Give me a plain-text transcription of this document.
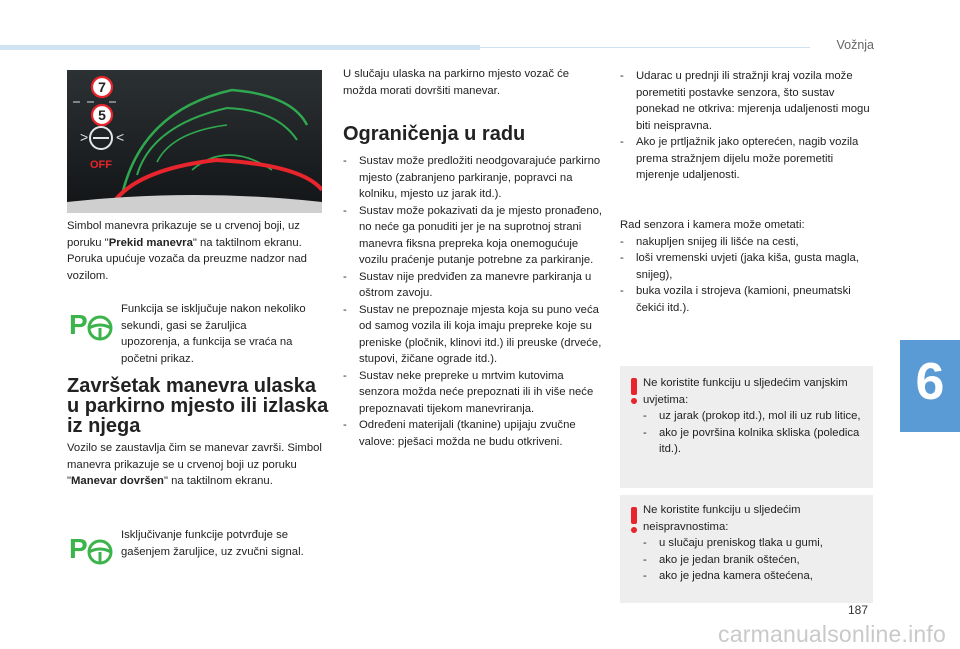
Vožnja
6
7
5
> <
OFF
Simbol manevra prikazuje se u crvenoj boji, uz poruku "Prekid manevra" na taktilnom ekranu. Poruka upućuje vozača da preuzme nadzor nad vozilom.
P	Funkcija se isključuje nakon nekoliko sekundi, gasi se žaruljica upozorenja, a funkcija se vraća na početni prikaz.
Završetak manevra ulaska
u parkirno mjesto ili izlaska
iz njega
Vozilo se zaustavlja čim se manevar završi. Simbol manevra prikazuje se u crvenoj boji uz poruku "Manevar dovršen" na taktilnom ekranu.
P	Isključivanje funkcije potvrđuje se gašenjem žaruljice, uz zvučni signal.
U slučaju ulaska na parkirno mjesto vozač će možda morati dovršiti manevar.
Ograničenja u radu
- Sustav može predložiti neodgovarajuće parkirno mjesto (zabranjeno parkiranje, popravci na kolniku, mjesto uz jarak itd.).
- Sustav može pokazivati da je mjesto pronađeno, no neće ga ponuditi jer je na suprotnoj strani manevra fiksna prepreka koja onemogućuje vozilu praćenje putanje potrebne za parkiranje.
- Sustav nije predviđen za manevre parkiranja u oštrom zavoju.
- Sustav ne prepoznaje mjesta koja su puno veća od samog vozila ili koja imaju prepreke koje su preniske (pločnik, klinovi itd.) ili preuske (drveće, stupovi, žičane ograde itd.).
- Sustav neke prepreke u mrtvim kutovima senzora možda neće prepoznati ili ih više neće prepoznavati tijekom manevriranja.
- Određeni materijali (tkanine) upijaju zvučne valove: pješaci možda ne budu otkriveni.
- Udarac u prednji ili stražnji kraj vozila može poremetiti postavke senzora, što sustav ponekad ne otkriva: mjerenja udaljenosti mogu biti neispravna.
- Ako je prtljažnik jako opterećen, nagib vozila prema stražnjem dijelu može poremetiti mjerenje udaljenosti.
Rad senzora i kamera može ometati:
- nakupljen snijeg ili lišće na cesti,
- loši vremenski uvjeti (jaka kiša, gusta magla, snijeg),
- buka vozila i strojeva (kamioni, pneumatski čekići itd.).
Ne koristite funkciju u sljedećim vanjskim uvjetima:
- uz jarak (prokop itd.), mol ili uz rub litice,
- ako je površina kolnika skliska (poledica itd.).
Ne koristite funkciju u sljedećim neispravnostima:
- u slučaju preniskog tlaka u gumi,
- ako je jedan branik oštećen,
- ako je jedna kamera oštećena,
187
carmanualsonline.info
